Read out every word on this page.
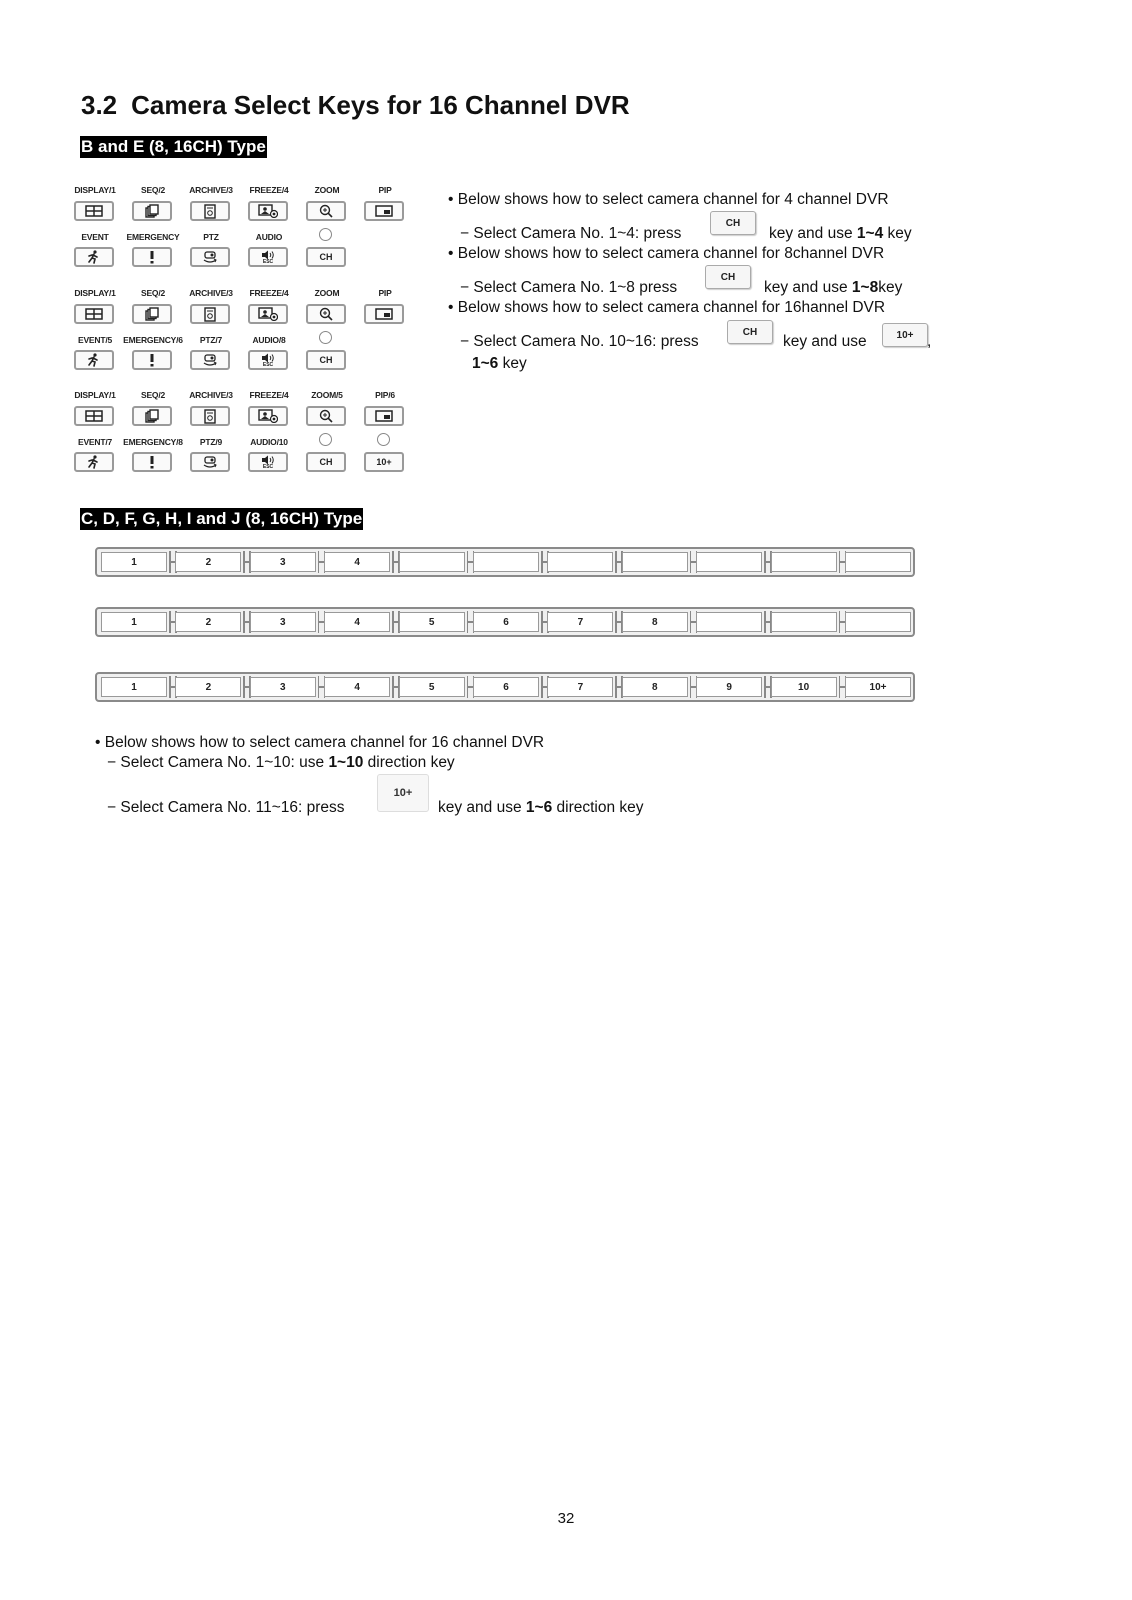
3.2 Camera Select Keys for 16 Channel DVR
B and E (8, 16CH) Type
DISPLAY/1	SEQ/2	ARCHIVE/3	FREEZE/4	ZOOM	PIP
EVENT	EMERGENCY	PTZ	AUDIO
ESC	CH
DISPLAY/1	SEQ/2	ARCHIVE/3	FREEZE/4	ZOOM	PIP
EVENT/5	EMERGENCY/6	PTZ/7	AUDIO/8
ESC	CH
DISPLAY/1	SEQ/2	ARCHIVE/3	FREEZE/4	ZOOM/5	PIP/6
EVENT/7	EMERGENCY/8	PTZ/9	AUDIO/10
ESC	CH	10+
• Below shows how to select camera channel for 4 channel DVR
− Select Camera No. 1~4: press
CH
key and use 1~4 key
• Below shows how to select camera channel for 8channel DVR
− Select Camera No. 1~8 press
CH
key and use 1~8key
• Below shows how to select camera channel for 16hannel DVR
− Select Camera No. 10~16: press
CH
key and use	10+ ,
1~6 key
C, D, F, G, H, I and J (8, 16CH) Type
1	2	3	4
1	2	3	4	5	6	7	8
1	2	3	4	5	6	7	8	9	10	10+
• Below shows how to select camera channel for 16 channel DVR
− Select Camera No. 1~10: use 1~10 direction key
− Select Camera No. 11~16: press
10+
key and use 1~6 direction key
32
